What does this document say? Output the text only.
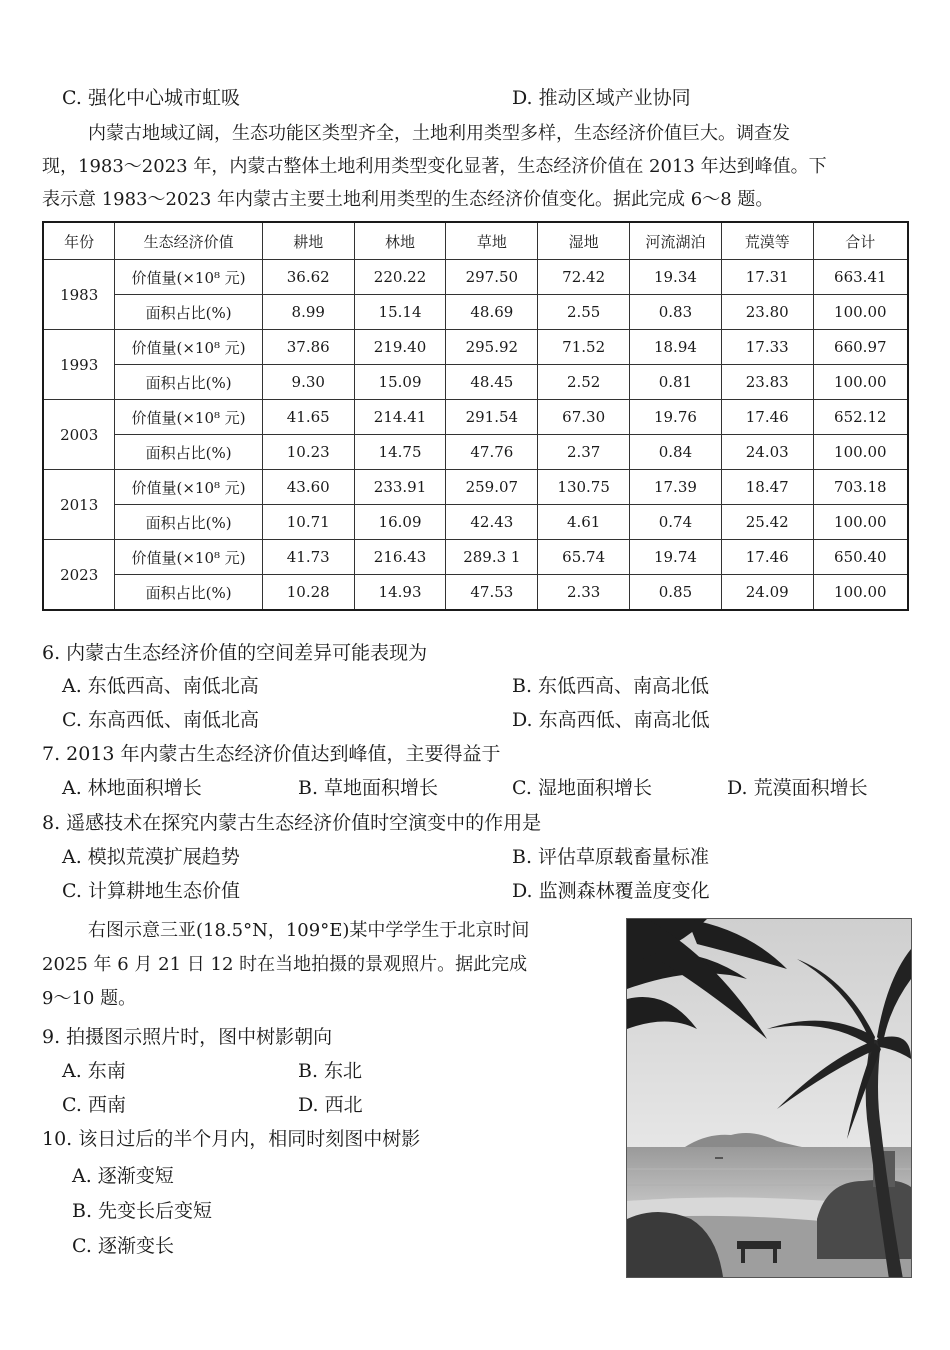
C. 强化中心城市虹吸	D. 推动区域产业协同
内蒙古地域辽阔，生态功能区类型齐全，土地利用类型多样，生态经济价值巨大。调查发
现，1983～2023 年，内蒙古整体土地利用类型变化显著，生态经济价值在 2013 年达到峰值。下
表示意 1983～2023 年内蒙古主要土地利用类型的生态经济价值变化。据此完成 6～8 题。
年份	生态经济价值	耕地	林地	草地	湿地	河流湖泊	荒漠等	合计
1983	价值量(×10⁸ 元)	36.62	220.22	297.50	72.42	19.34	17.31	663.41
	面积占比(%)	8.99	15.14	48.69	2.55	0.83	23.80	100.00
1993	价值量(×10⁸ 元)	37.86	219.40	295.92	71.52	18.94	17.33	660.97
	面积占比(%)	9.30	15.09	48.45	2.52	0.81	23.83	100.00
2003	价值量(×10⁸ 元)	41.65	214.41	291.54	67.30	19.76	17.46	652.12
	面积占比(%)	10.23	14.75	47.76	2.37	0.84	24.03	100.00
2013	价值量(×10⁸ 元)	43.60	233.91	259.07	130.75	17.39	18.47	703.18
	面积占比(%)	10.71	16.09	42.43	4.61	0.74	25.42	100.00
2023	价值量(×10⁸ 元)	41.73	216.43	289.3 1	65.74	19.74	17.46	650.40
	面积占比(%)	10.28	14.93	47.53	2.33	0.85	24.09	100.00
6. 内蒙古生态经济价值的空间差异可能表现为
A. 东低西高、南低北高	B. 东低西高、南高北低
C. 东高西低、南低北高	D. 东高西低、南高北低
7. 2013 年内蒙古生态经济价值达到峰值，主要得益于
A. 林地面积增长	B. 草地面积增长	C. 湿地面积增长	D. 荒漠面积增长
8. 遥感技术在探究内蒙古生态经济价值时空演变中的作用是
A. 模拟荒漠扩展趋势	B. 评估草原载畜量标准
C. 计算耕地生态价值	D. 监测森林覆盖度变化
右图示意三亚(18.5°N，109°E)某中学学生于北京时间
2025 年 6 月 21 日 12 时在当地拍摄的景观照片。据此完成
9～10 题。
9. 拍摄图示照片时，图中树影朝向
A. 东南	B. 东北
C. 西南	D. 西北
10. 该日过后的半个月内，相同时刻图中树影
A. 逐渐变短
B. 先变长后变短
C. 逐渐变长
